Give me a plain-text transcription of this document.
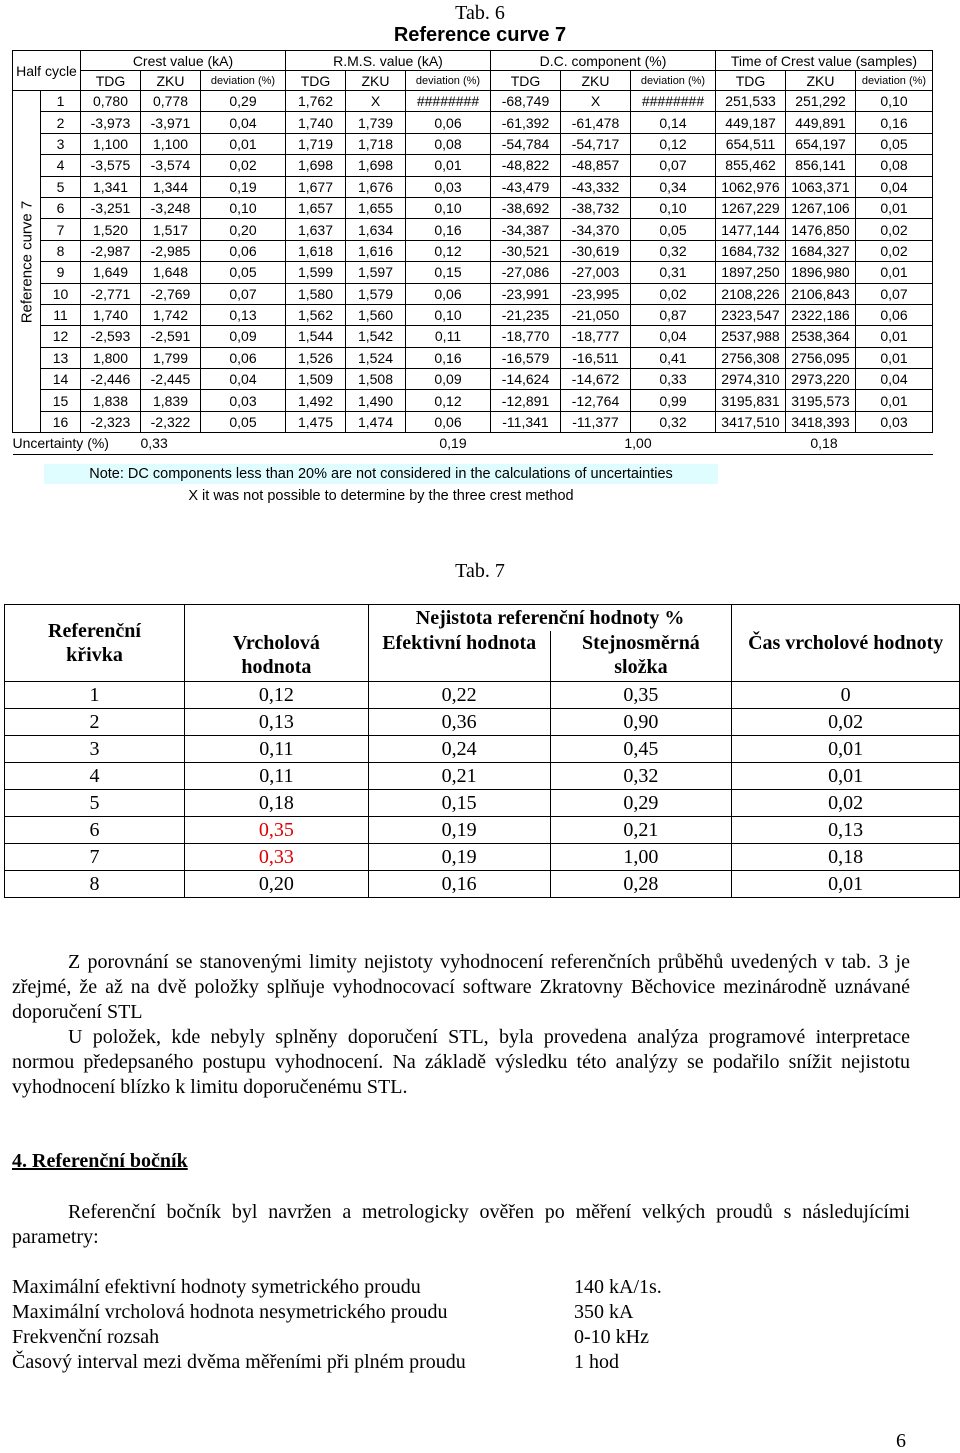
Tab. 6
Reference curve 7
Half cycle		Crest value (kA)			R.M.S. value (kA)			D.C. component (%)			Time of Crest value (samples)		
		TDG	ZKU	deviation (%)	TDG	ZKU	deviation (%)	TDG	ZKU	deviation (%)	TDG	ZKU	deviation (%)

Reference curve 7	1	0,780	0,778	0,29	1,762	X	########	-68,749	X	########	251,533	251,292	0,10
	2	-3,973	-3,971	0,04	1,740	1,739	0,06	-61,392	-61,478	0,14	449,187	449,891	0,16
	3	1,100	1,100	0,01	1,719	1,718	0,08	-54,784	-54,717	0,12	654,511	654,197	0,05
	4	-3,575	-3,574	0,02	1,698	1,698	0,01	-48,822	-48,857	0,07	855,462	856,141	0,08
	5	1,341	1,344	0,19	1,677	1,676	0,03	-43,479	-43,332	0,34	1062,976	1063,371	0,04
	6	-3,251	-3,248	0,10	1,657	1,655	0,10	-38,692	-38,732	0,10	1267,229	1267,106	0,01
	7	1,520	1,517	0,20	1,637	1,634	0,16	-34,387	-34,370	0,05	1477,144	1476,850	0,02
	8	-2,987	-2,985	0,06	1,618	1,616	0,12	-30,521	-30,619	0,32	1684,732	1684,327	0,02
	9	1,649	1,648	0,05	1,599	1,597	0,15	-27,086	-27,003	0,31	1897,250	1896,980	0,01
	10	-2,771	-2,769	0,07	1,580	1,579	0,06	-23,991	-23,995	0,02	2108,226	2106,843	0,07
	11	1,740	1,742	0,13	1,562	1,560	0,10	-21,235	-21,050	0,87	2323,547	2322,186	0,06
	12	-2,593	-2,591	0,09	1,544	1,542	0,11	-18,770	-18,777	0,04	2537,988	2538,364	0,01
	13	1,800	1,799	0,06	1,526	1,524	0,16	-16,579	-16,511	0,41	2756,308	2756,095	0,01
	14	-2,446	-2,445	0,04	1,509	1,508	0,09	-14,624	-14,672	0,33	2974,310	2973,220	0,04
	15	1,838	1,839	0,03	1,492	1,490	0,12	-12,891	-12,764	0,99	3195,831	3195,573	0,01
	16	-2,323	-2,322	0,05	1,475	1,474	0,06	-11,341	-11,377	0,32	3417,510	3418,393	0,03
Uncertainty (%)			0,33			0,19			1,00		0,18		
Note: DC components less than 20% are not considered in the calculations of uncertainties
X it was not possible to determine by the three crest method
Tab. 7
Referenční křivka		Nejistota referenční hodnoty %		
	Vrcholová hodnota	Efektivní hodnota	Stejnosměrná složka	Čas vrcholové hodnoty
1	0,12	0,22	0,35	0
2	0,13	0,36	0,90	0,02
3	0,11	0,24	0,45	0,01
4	0,11	0,21	0,32	0,01
5	0,18	0,15	0,29	0,02
6	0,35	0,19	0,21	0,13
7	0,33	0,19	1,00	0,18
8	0,20	0,16	0,28	0,01
Z porovnání se stanovenými limity nejistoty vyhodnocení referenčních průběhů uvedených v tab. 3 je zřejmé, že až na dvě položky splňuje vyhodnocovací software Zkratovny Běchovice mezinárodně uznávané doporučení STL
U položek, kde nebyly splněny doporučení STL, byla provedena analýza programové interpretace normou předepsaného postupu vyhodnocení. Na základě výsledku této analýzy se podařilo snížit nejistotu vyhodnocení blízko k limitu doporučenému STL.
4. Referenční bočník
Referenční bočník byl navržen a metrologicky ověřen po měření velkých proudů s následujícími parametry:
Maximální efektivní hodnoty symetrického proudu	140 kA/1s.
Maximální vrcholová hodnota nesymetrického proudu	350 kA
Frekvenční rozsah	0-10 kHz
Časový interval mezi dvěma měřeními při plném proudu	1 hod
6
